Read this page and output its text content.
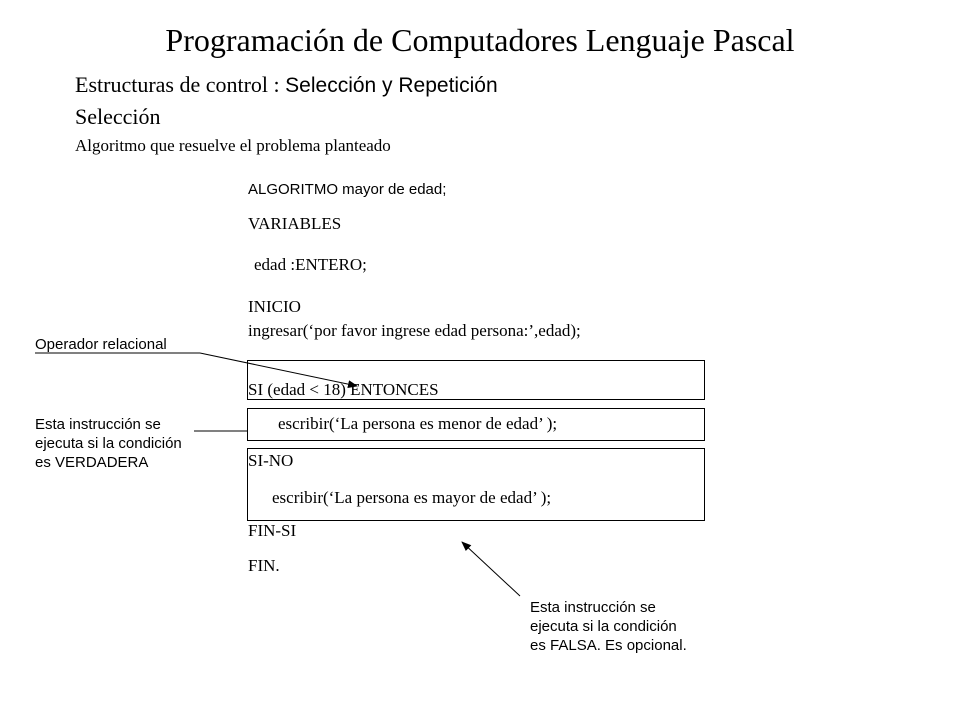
Programación de Computadores Lenguaje Pascal
Estructuras de control : Selección y Repetición
Selección
Algoritmo que resuelve el problema planteado
ALGORITMO mayor de edad;
VARIABLES
edad :ENTERO;
INICIO
ingresar(‘por favor ingrese edad persona:’,edad);
SI (edad < 18) ENTONCES
escribir(‘La persona es menor de edad’ );
SI-NO
escribir(‘La persona es mayor de edad’ );
FIN-SI
FIN.
Operador relacional
Esta instrucción se
ejecuta si la condición
es VERDADERA
Esta instrucción se
ejecuta si la condición
es FALSA. Es opcional.
